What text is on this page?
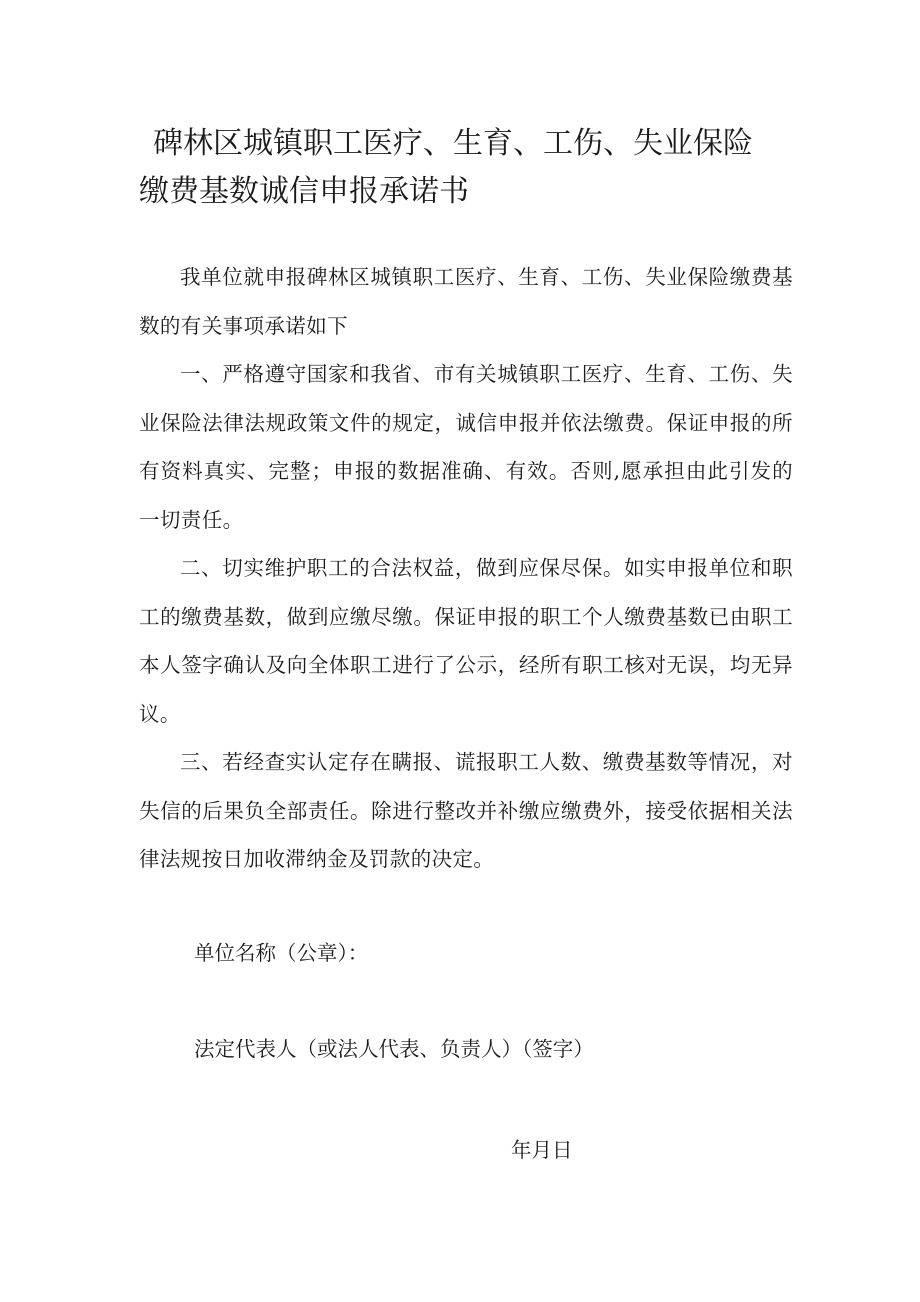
碑林区城镇职工医疗、生育、工伤、失业保险
缴费基数诚信申报承诺书

我单位就申报碑林区城镇职工医疗、生育、工伤、失业保险缴费基数的有关事项承诺如下

一、严格遵守国家和我省、市有关城镇职工医疗、生育、工伤、失业保险法律法规政策文件的规定，诚信申报并依法缴费。保证申报的所有资料真实、完整；申报的数据准确、有效。否则,愿承担由此引发的一切责任。

二、切实维护职工的合法权益，做到应保尽保。如实申报单位和职工的缴费基数，做到应缴尽缴。保证申报的职工个人缴费基数已由职工本人签字确认及向全体职工进行了公示，经所有职工核对无误，均无异议。

三、若经查实认定存在瞒报、谎报职工人数、缴费基数等情况，对失信的后果负全部责任。除进行整改并补缴应缴费外，接受依据相关法律法规按日加收滞纳金及罚款的决定。

单位名称（公章）：
法定代表人（或法人代表、负责人）（签字）
年月日
